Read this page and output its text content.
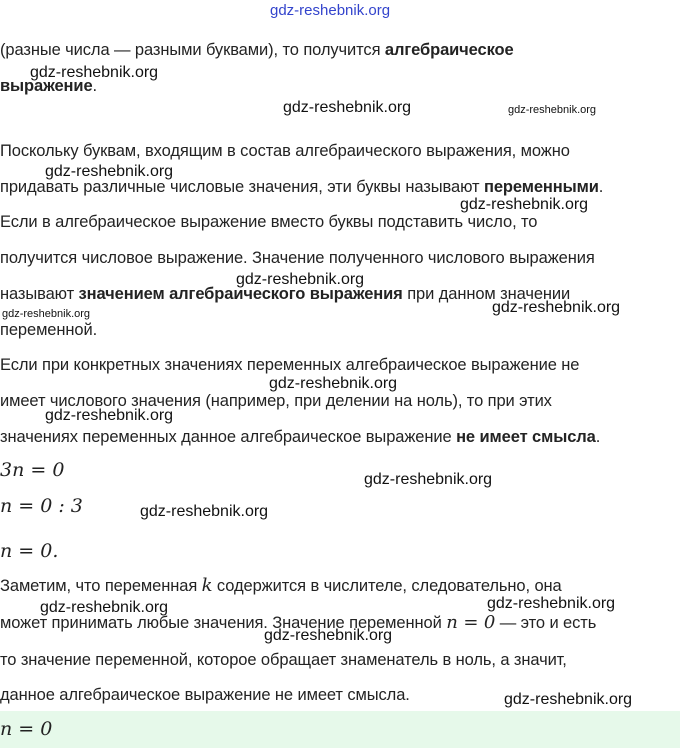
gdz-reshebnik.org
(разные числа — разными буквами), то получится алгебраическое
выражение.
Поскольку буквам, входящим в состав алгебраического выражения, можно
придавать различные числовые значения, эти буквы называют переменными.
Если в алгебраическое выражение вместо буквы подставить число, то
получится числовое выражение. Значение полученного числового выражения
называют значением алгебраического выражения при данном значении
переменной.
Если при конкретных значениях переменных алгебраическое выражение не
имеет числового значения (например, при делении на ноль), то при этих
значениях переменных данное алгебраическое выражение не имеет смысла.
3n = 0
n = 0 : 3
n = 0.
Заметим, что переменная k содержится в числителе, следовательно, она
может принимать любые значения. Значение переменной n = 0 — это и есть
то значение переменной, которое обращает знаменатель в ноль, а значит,
данное алгебраическое выражение не имеет смысла.
n = 0
gdz-reshebnik.org
gdz-reshebnik.org	gdz-reshebnik.org
gdz-reshebnik.org
gdz-reshebnik.org
gdz-reshebnik.org
gdz-reshebnik.org	gdz-reshebnik.org
gdz-reshebnik.org
gdz-reshebnik.org
gdz-reshebnik.org
gdz-reshebnik.org
gdz-reshebnik.org	gdz-reshebnik.org
gdz-reshebnik.org
gdz-reshebnik.org
